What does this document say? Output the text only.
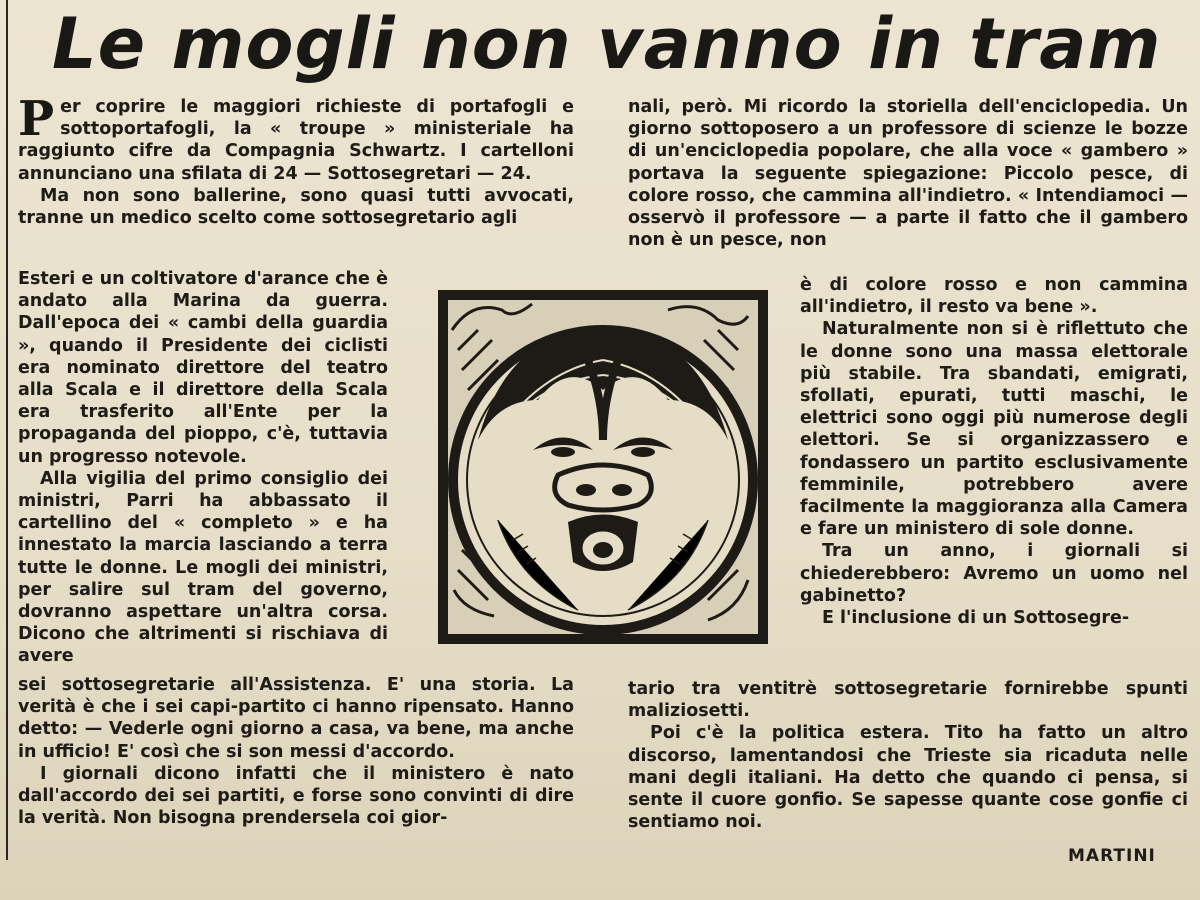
Le mogli non vanno in tram

Per coprire le maggiori richieste di portafogli e sottoportafogli, la « troupe » ministeriale ha raggiunto cifre da Compagnia Schwartz. I cartelloni annunciano una sfilata di 24 — Sottosegretari — 24.

Ma non sono ballerine, sono quasi tutti avvocati, tranne un medico scelto come sottosegretario agli

Esteri e un coltivatore d'arance che è andato alla Marina da guerra. Dall'epoca dei « cambi della guardia », quando il Presidente dei ciclisti era nominato direttore del teatro alla Scala e il direttore della Scala era trasferito all'Ente per la propaganda del pioppo, c'è, tuttavia un progresso notevole.

Alla vigilia del primo consiglio dei ministri, Parri ha abbassato il cartellino del « completo » e ha innestato la marcia lasciando a terra tutte le donne. Le mogli dei ministri, per salire sul tram del governo, dovranno aspettare un'altra corsa. Dicono che altrimenti si rischiava di avere

sei sottosegretarie all'Assistenza. E' una storia. La verità è che i sei capi-partito ci hanno ripensato. Hanno detto: — Vederle ogni giorno a casa, va bene, ma anche in ufficio! E' così che si son messi d'accordo.

I giornali dicono infatti che il ministero è nato dall'accordo dei sei partiti, e forse sono convinti di dire la verità. Non bisogna prendersela coi gior-

nali, però. Mi ricordo la storiella dell'enciclopedia. Un giorno sottoposero a un professore di scienze le bozze di un'enciclopedia popolare, che alla voce « gambero » portava la seguente spiegazione: Piccolo pesce, di colore rosso, che cammina all'indietro. « Intendiamoci — osservò il professore — a parte il fatto che il gambero non è un pesce, non

è di colore rosso e non cammina all'indietro, il resto va bene ».

Naturalmente non si è riflettuto che le donne sono una massa elettorale più stabile. Tra sbandati, emigrati, sfollati, epurati, tutti maschi, le elettrici sono oggi più numerose degli elettori. Se si organizzassero e fondassero un partito esclusivamente femminile, potrebbero avere facilmente la maggioranza alla Camera e fare un ministero di sole donne.

Tra un anno, i giornali si chiederebbero: Avremo un uomo nel gabinetto?

E l'inclusione di un Sottosegre-

tario tra ventitrè sottosegretarie fornirebbe spunti maliziosetti.

Poi c'è la politica estera. Tito ha fatto un altro discorso, lamentandosi che Trieste sia ricaduta nelle mani degli italiani. Ha detto che quando ci pensa, si sente il cuore gonfio. Se sapesse quante cose gonfie ci sentiamo noi.

MARTINI
